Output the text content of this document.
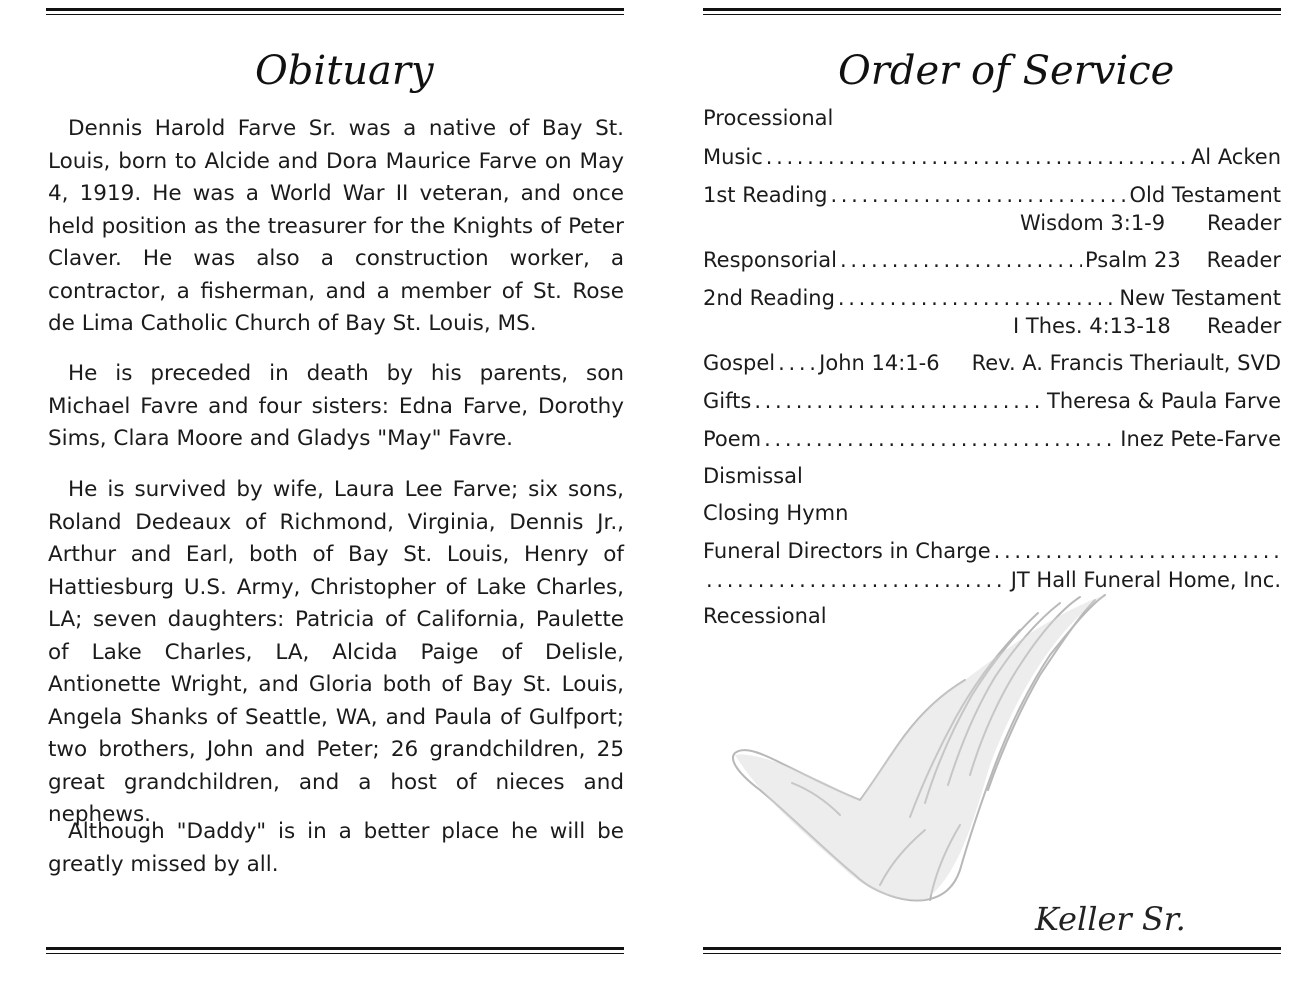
Obituary

Dennis Harold Farve Sr. was a native of Bay St. Louis, born to Alcide and Dora Maurice Farve on May 4, 1919. He was a World War II veteran, and once held position as the treasurer for the Knights of Peter Claver. He was also a construction worker, a contractor, a fisherman, and a member of St. Rose de Lima Catholic Church of Bay St. Louis, MS.

He is preceded in death by his parents, son Michael Favre and four sisters: Edna Farve, Dorothy Sims, Clara Moore and Gladys "May" Favre.

He is survived by wife, Laura Lee Farve; six sons, Roland Dedeaux of Richmond, Virginia, Dennis Jr., Arthur and Earl, both of Bay St. Louis, Henry of Hattiesburg U.S. Army, Christopher of Lake Charles, LA; seven daughters: Patricia of California, Paulette of Lake Charles, LA, Alcida Paige of Delisle, Antionette Wright, and Gloria both of Bay St. Louis, Angela Shanks of Seattle, WA, and Paula of Gulfport; two brothers, John and Peter; 26 grandchildren, 25 great grandchildren, and a host of nieces and nephews.

Although "Daddy" is in a better place he will be greatly missed by all.

Order of Service
Processional
Music . . .	Al Acken
1st Reading . . .	Old Testament
Wisdom 3:1-9 Reader
Responsorial . . .	Psalm 23 Reader
2nd Reading . . .	New Testament
I Thes. 4:13-18 Reader
Gospel . . . John 14:1-6 Rev. A. Francis Theriault, SVD
Gifts . . .	Theresa & Paula Farve
Poem . . .	Inez Pete-Farve
Dismissal
Closing Hymn
Funeral Directors in Charge
. . .
. . .
JT Hall Funeral Home, Inc.
Recessional
Keller Sr.
